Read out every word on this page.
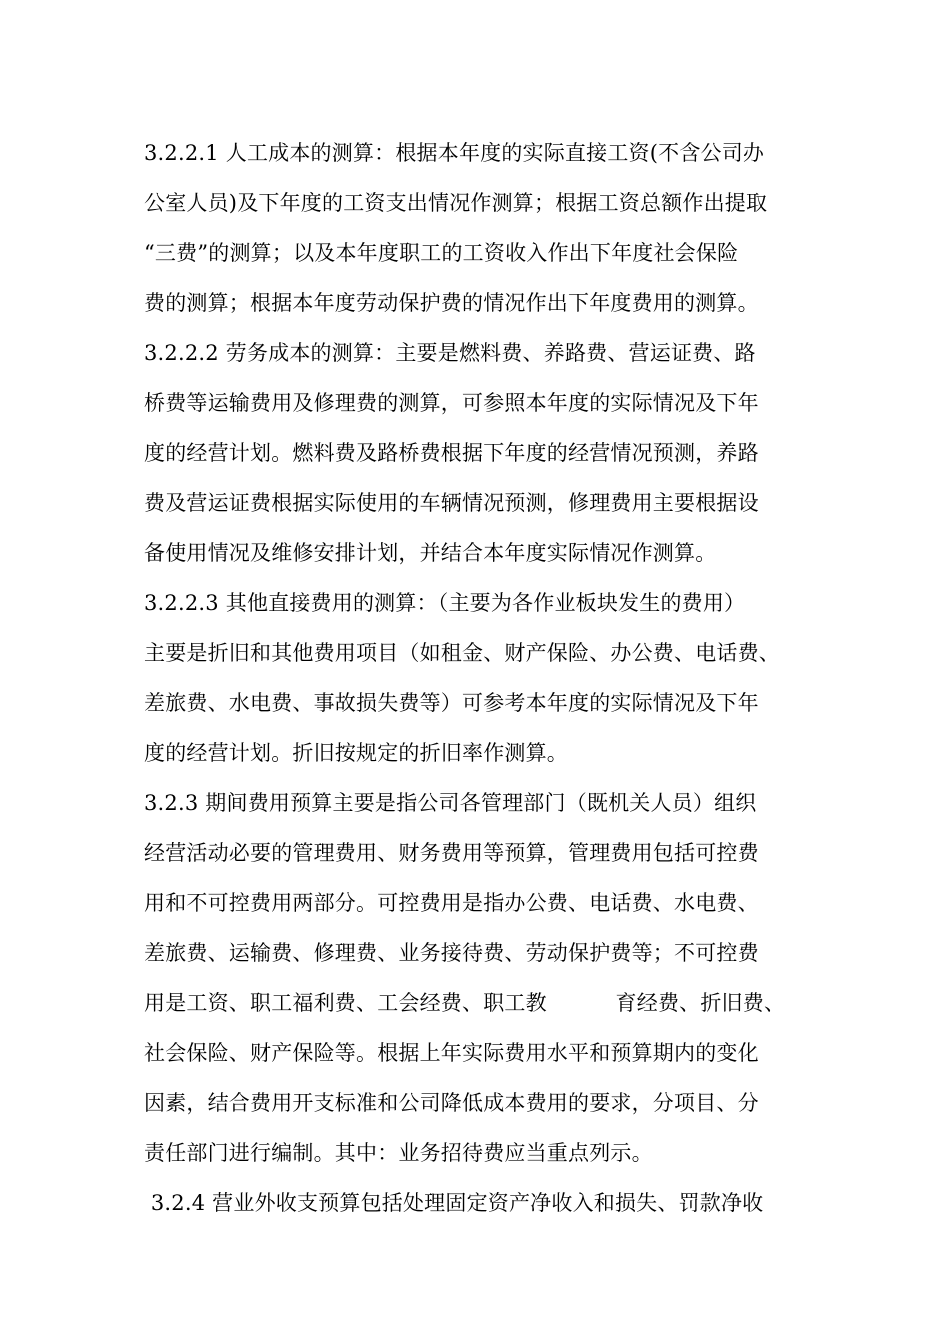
3.2.2.1 人工成本的测算：根据本年度的实际直接工资(不含公司办
公室人员)及下年度的工资支出情况作测算；根据工资总额作出提取
“三费”的测算；以及本年度职工的工资收入作出下年度社会保险
费的测算；根据本年度劳动保护费的情况作出下年度费用的测算。
3.2.2.2 劳务成本的测算：主要是燃料费、养路费、营运证费、路
桥费等运输费用及修理费的测算，可参照本年度的实际情况及下年
度的经营计划。燃料费及路桥费根据下年度的经营情况预测，养路
费及营运证费根据实际使用的车辆情况预测，修理费用主要根据设
备使用情况及维修安排计划，并结合本年度实际情况作测算。
3.2.2.3 其他直接费用的测算：（主要为各作业板块发生的费用）
主要是折旧和其他费用项目（如租金、财产保险、办公费、电话费、
差旅费、水电费、事故损失费等）可参考本年度的实际情况及下年
度的经营计划。折旧按规定的折旧率作测算。
3.2.3 期间费用预算主要是指公司各管理部门（既机关人员）组织
经营活动必要的管理费用、财务费用等预算，管理费用包括可控费
用和不可控费用两部分。可控费用是指办公费、电话费、水电费、
差旅费、运输费、修理费、业务接待费、劳动保护费等；不可控费
用是工资、职工福利费、工会经费、职工教          育经费、折旧费、
社会保险、财产保险等。根据上年实际费用水平和预算期内的变化
因素，结合费用开支标准和公司降低成本费用的要求，分项目、分
责任部门进行编制。其中：业务招待费应当重点列示。
3.2.4 营业外收支预算包括处理固定资产净收入和损失、罚款净收
